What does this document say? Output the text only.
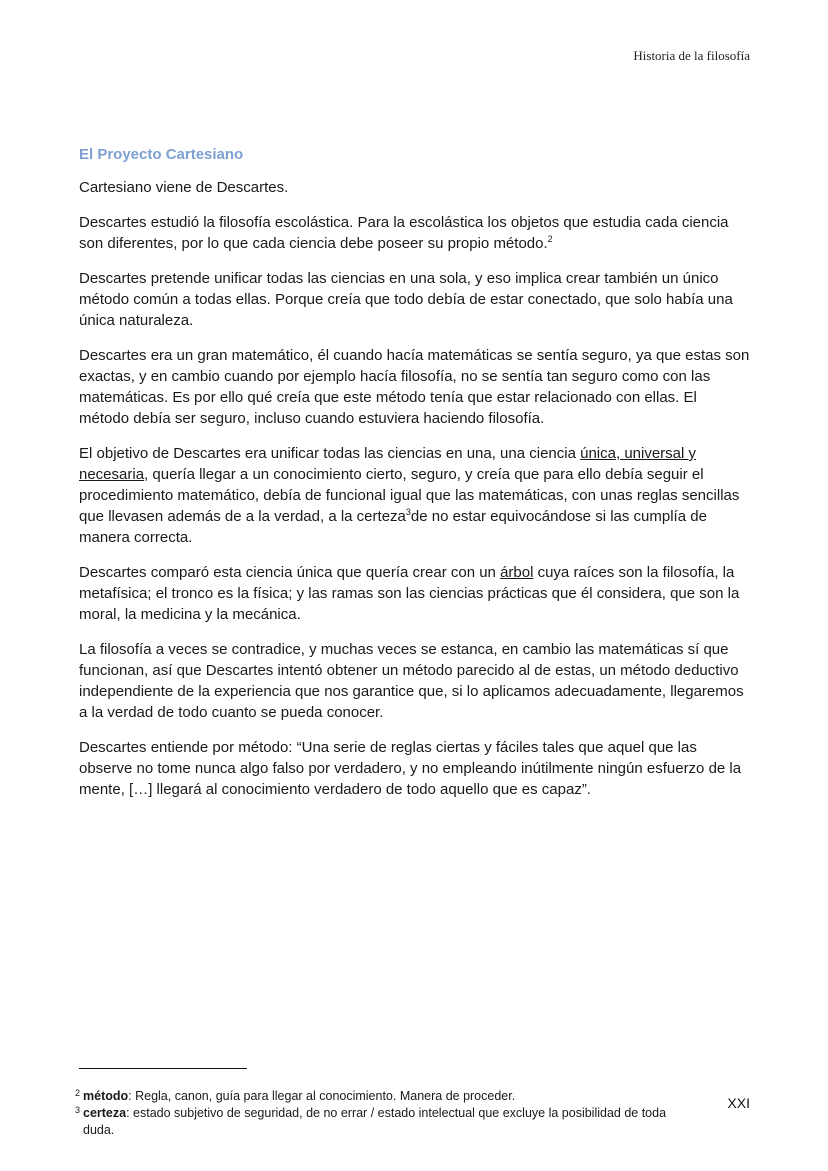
Historia de la filosofía
El Proyecto Cartesiano

Cartesiano viene de Descartes.

Descartes estudió la filosofía escolástica. Para la escolástica los objetos que estudia cada ciencia son diferentes, por lo que cada ciencia debe poseer su propio método.$^2$

Descartes pretende unificar todas las ciencias en una sola, y eso implica crear también un único método común a todas ellas. Porque creía que todo debía de estar conectado, que solo había una única naturaleza.

Descartes era un gran matemático, él cuando hacía matemáticas se sentía seguro, ya que estas son exactas, y en cambio cuando por ejemplo hacía filosofía, no se sentía tan seguro como con las matemáticas. Es por ello qué creía que este método tenía que estar relacionado con ellas. El método debía ser seguro, incluso cuando estuviera haciendo filosofía.

El objetivo de Descartes era unificar todas las ciencias en una, una ciencia única, universal y necesaria, quería llegar a un conocimiento cierto, seguro, y creía que para ello debía seguir el procedimiento matemático, debía de funcional igual que las matemáticas, con unas reglas sencillas que llevasen además de a la verdad, a la certeza$^3$de no estar equivocándose si las cumplía de manera correcta.

Descartes comparó esta ciencia única que quería crear con un árbol cuya raíces son la filosofía, la metafísica; el tronco es la física; y las ramas son las ciencias prácticas que él considera, que son la moral, la medicina y la mecánica.

La filosofía a veces se contradice, y muchas veces se estanca, en cambio las matemáticas sí que funcionan, así que Descartes intentó obtener un método parecido al de estas, un método deductivo independiente de la experiencia que nos garantice que, si lo aplicamos adecuadamente, llegaremos a la verdad de todo cuanto se pueda conocer.

Descartes entiende por método: “Una serie de reglas ciertas y fáciles tales que aquel que las observe no tome nunca algo falso por verdadero, y no empleando inútilmente ningún esfuerzo de la mente, […] llegará al conocimiento verdadero de todo aquello que es capaz”.

2 método: Regla, canon, guía para llegar al conocimiento. Manera de proceder.

3 certeza: estado subjetivo de seguridad, de no errar / estado intelectual que excluye la posibilidad de toda duda.

XXI
